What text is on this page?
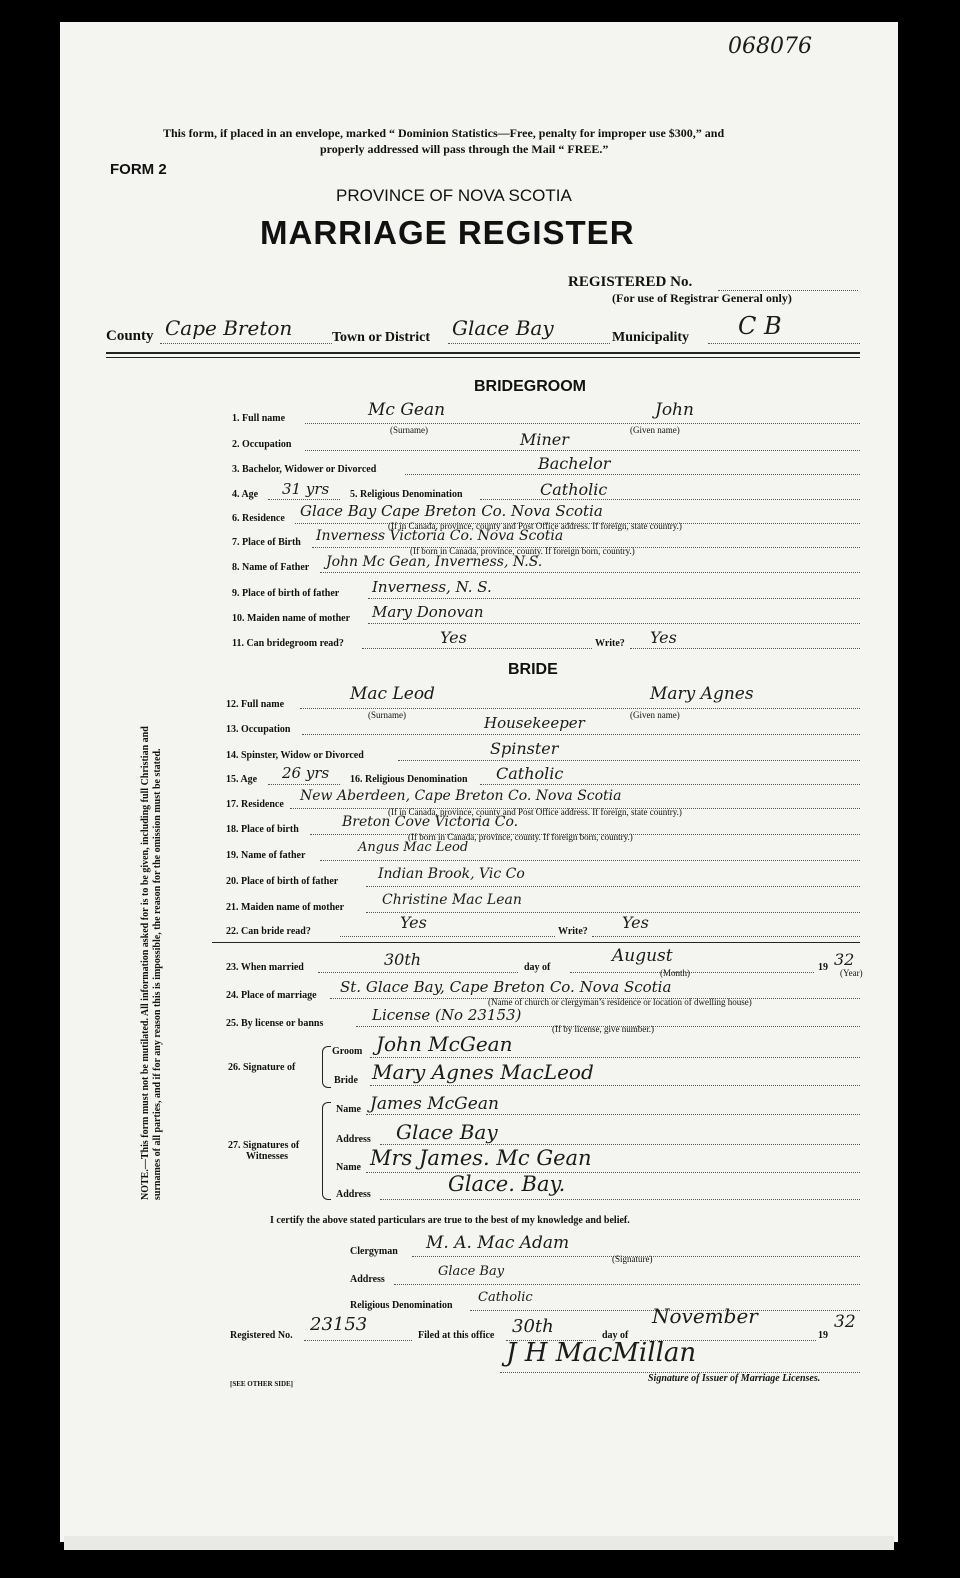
068076
This form, if placed in an envelope, marked “ Dominion Statistics—Free, penalty for improper use $300,” and
properly addressed will pass through the Mail “ FREE.”
FORM 2
PROVINCE OF NOVA SCOTIA
MARRIAGE REGISTER
REGISTERED No.
(For use of Registrar General only)
County Cape Breton	Town or District Glace Bay	Municipality C B
BRIDEGROOM
1. Full name	Mc Gean	John
(Surname)	(Given name)
2. Occupation	Miner
3. Bachelor, Widower or Divorced	Bachelor
4. Age 31 yrs 5. Religious Denomination	Catholic
6. Residence Glace Bay Cape Breton Co. Nova Scotia
(If in Canada, province, county and Post Office address. If foreign, state country.)
7. Place of Birth Inverness Victoria Co. Nova Scotia
(If born in Canada, province, county. If foreign born, country.)
8. Name of Father John Mc Gean, Inverness, N.S.
9. Place of birth of father Inverness, N. S.
10. Maiden name of mother Mary Donovan
11. Can bridegroom read?	Yes	Write? Yes
BRIDE
12. Full name
Mac Leod	Mary Agnes
(Surname)	(Given name)
13. Occupation	Housekeeper
14. Spinster, Widow or Divorced	Spinster
15. Age 26 yrs 16. Religious Denomination Catholic
17. Residence
New Aberdeen, Cape Breton Co. Nova Scotia
(If in Canada, province, county and Post Office address. If foreign, state country.)
18. Place of birth	Breton Cove Victoria Co.
(If born in Canada, province, county. If foreign born, country.)
19. Name of father
Angus Mac Leod
20. Place of birth of father	Indian Brook, Vic Co
21. Maiden name of mother	Christine Mac Lean
22. Can bride read?	Yes	Write? Yes
23. When married	30th	day of
August
(Month)	19 32
(Year)
24. Place of marriage St. Glace Bay, Cape Breton Co. Nova Scotia
(Name of church or clergyman’s residence or location of dwelling house)
25. By license or banns	License (No 23153)
(If by license, give number.)
26. Signature of
Groom John McGean
Bride Mary Agnes MacLeod
27. Signatures of
Witnesses
Name James McGean
Address Glace Bay
Name Mrs James. Mc Gean
Address	Glace. Bay.
I certify the above stated particulars are true to the best of my knowledge and belief.
Clergyman M. A. Mac Adam
(Signature)
Address
Glace Bay
Religious Denomination
Catholic
Registered No.
23153
Filed at this office 30th	day of
November
19
32
J H MacMillan
Signature of Issuer of Marriage Licenses.
[SEE OTHER SIDE]
NOTE.—This form must not be mutilated. All information asked for is to be given, including full Christian and surnames of all parties, and if for any reason this is impossible, the reason for the omission must be stated.
